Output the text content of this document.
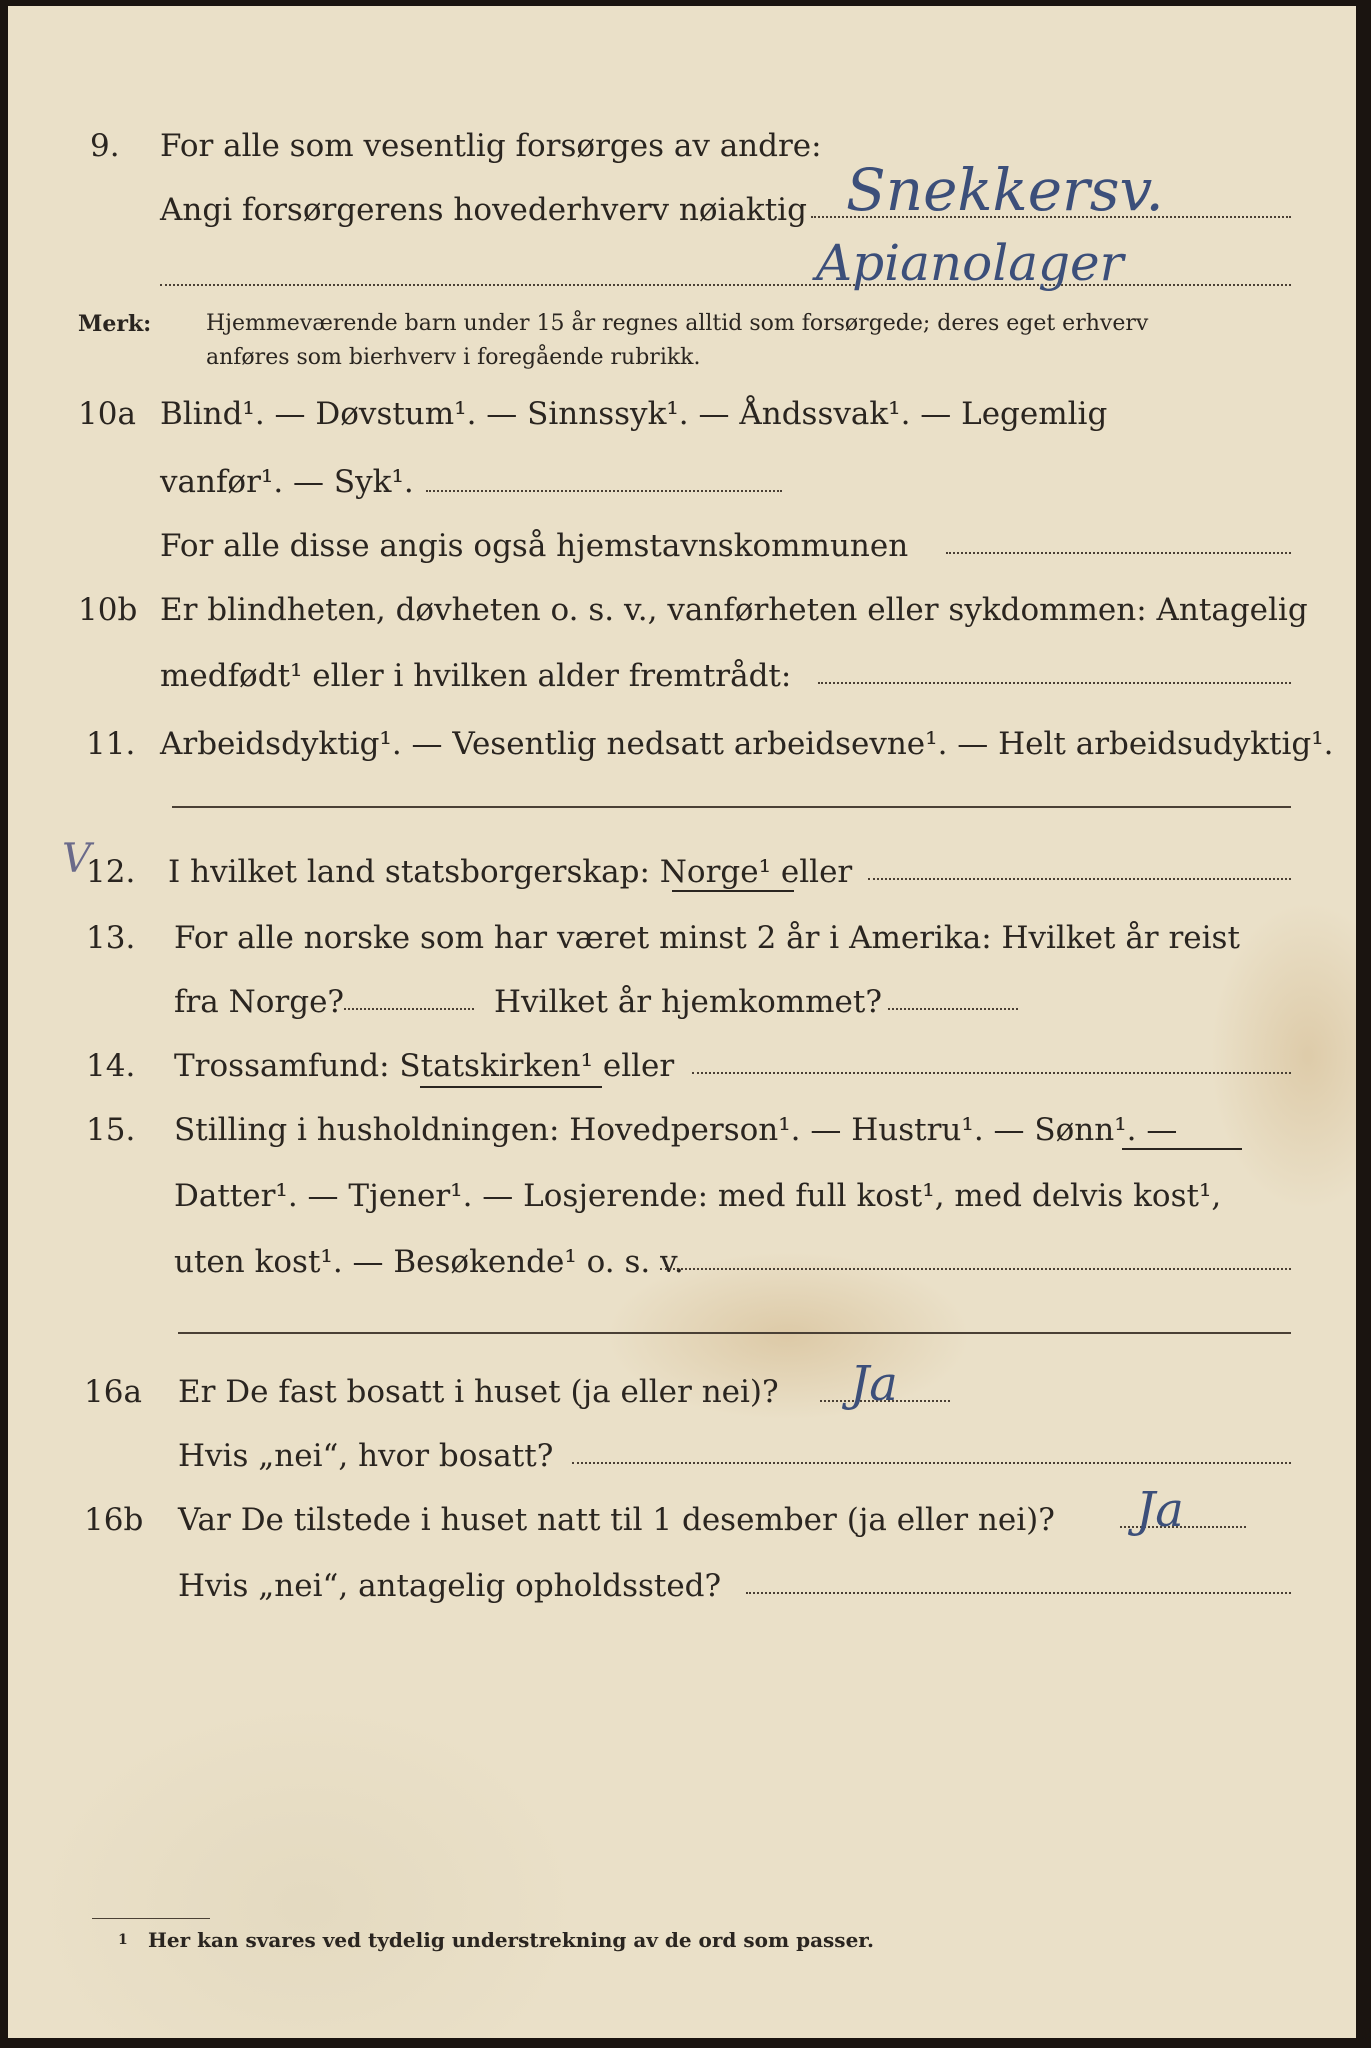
9. For alle som vesentlig forsørges av andre:
Angi forsørgerens hovederhverv nøiaktig Snekkersv.
Apianolager
Merk: Hjemmeværende barn under 15 år regnes alltid som forsørgede; deres eget erhverv
anføres som bierhverv i foregående rubrikk.
10a Blind¹. — Døvstum¹. — Sinnssyk¹. — Åndssvak¹. — Legemlig
vanfør¹. — Syk¹.
For alle disse angis også hjemstavnskommunen
10b Er blindheten, døvheten o. s. v., vanførheten eller sykdommen: Antagelig
medfødt¹ eller i hvilken alder fremtrådt:
11. Arbeidsdyktig¹. — Vesentlig nedsatt arbeidsevne¹. — Helt arbeidsudyktig¹.
V
12. I hvilket land statsborgerskap: Norge¹ eller
13. For alle norske som har været minst 2 år i Amerika: Hvilket år reist
fra Norge?	Hvilket år hjemkommet?
14. Trossamfund: Statskirken¹ eller
15. Stilling i husholdningen: Hovedperson¹. — Hustru¹. — Sønn¹. —
Datter¹. — Tjener¹. — Losjerende: med full kost¹, med delvis kost¹,
uten kost¹. — Besøkende¹ o. s. v.
16a Er De fast bosatt i huset (ja eller nei)? Ja
Hvis „nei“, hvor bosatt?
16b Var De tilstede i huset natt til 1 desember (ja eller nei)? Ja
Hvis „nei“, antagelig opholdssted?
1 Her kan svares ved tydelig understrekning av de ord som passer.
